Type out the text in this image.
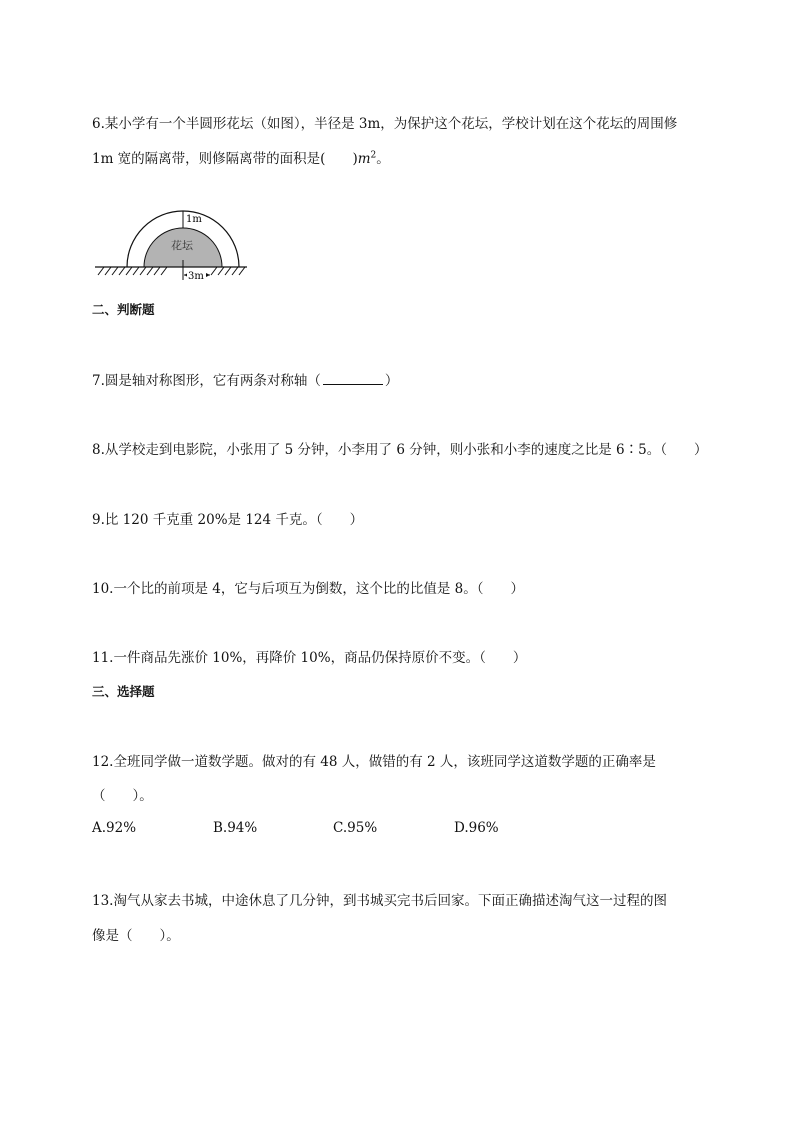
6.某小学有一个半圆形花坛（如图），半径是 3m，为保护这个花坛，学校计划在这个花坛的周围修
1m 宽的隔离带，则修隔离带的面积是(　　)$m^2$。
1m
花坛
3m
二、判断题
7.圆是轴对称图形，它有两条对称轴（	）
8.从学校走到电影院，小张用了 5 分钟，小李用了 6 分钟，则小张和小李的速度之比是 6∶5。（　　）
9.比 120 千克重 20%是 124 千克。（　　）
10.一个比的前项是 4，它与后项互为倒数，这个比的比值是 8。（　　）
11.一件商品先涨价 10%，再降价 10%，商品仍保持原价不变。（　　）
三、选择题
12.全班同学做一道数学题。做对的有 48 人，做错的有 2 人，该班同学这道数学题的正确率是
（　　）。
A.92%	B.94%	C.95%	D.96%
13.淘气从家去书城，中途休息了几分钟，到书城买完书后回家。下面正确描述淘气这一过程的图
像是（　　）。
